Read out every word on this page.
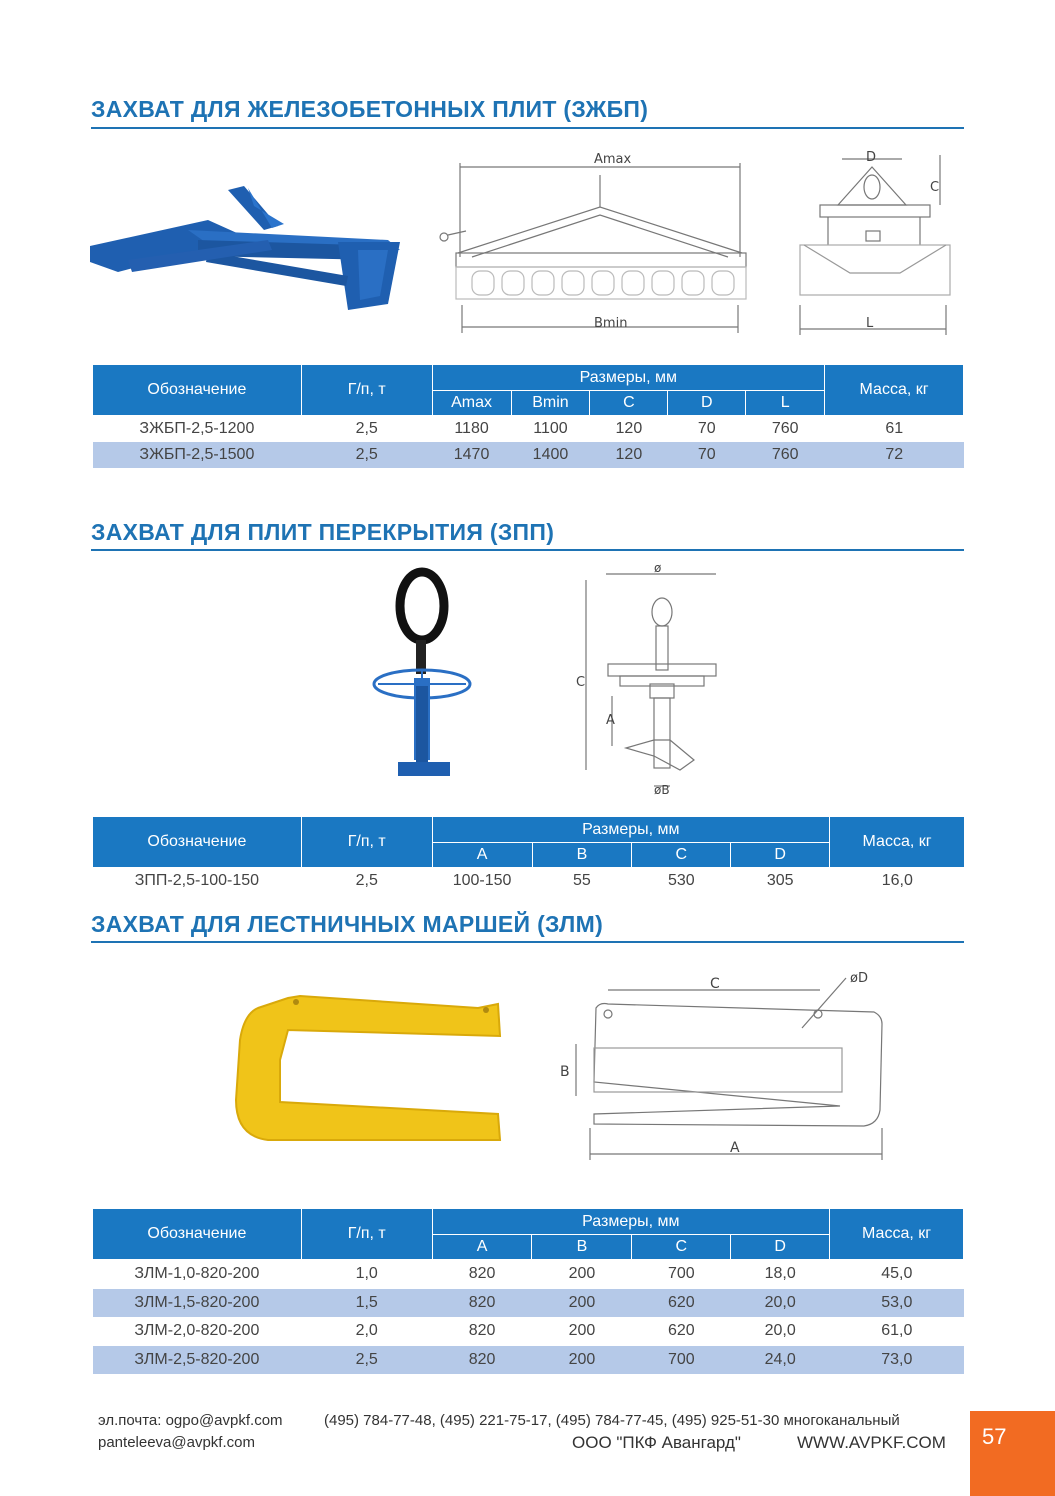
ЗАХВАТ ДЛЯ ЖЕЛЕЗОБЕТОННЫХ ПЛИТ (ЗЖБП)
Amax
Bmin
D
C
L
Обозначение	Г/п, т	Размеры, мм					Масса, кг
		Amax	Bmin	C	D	L	
ЗЖБП-2,5-1200	2,5	1180	1100	120	70	760	61
ЗЖБП-2,5-1500	2,5	1470	1400	120	70	760	72
ЗАХВАТ ДЛЯ ПЛИТ ПЕРЕКРЫТИЯ (ЗПП)
ø
C
A
øB
Обозначение	Г/п, т	Размеры, мм				Масса, кг
		A	B	C	D	
ЗПП-2,5-100-150	2,5	100-150	55	530	305	16,0
ЗАХВАТ ДЛЯ ЛЕСТНИЧНЫХ МАРШЕЙ (ЗЛМ)
C	øD
B
A
Обозначение	Г/п, т	Размеры, мм				Масса, кг
		A	B	C	D	
ЗЛМ-1,0-820-200	1,0	820	200	700	18,0	45,0
ЗЛМ-1,5-820-200	1,5	820	200	620	20,0	53,0
ЗЛМ-2,0-820-200	2,0	820	200	620	20,0	61,0
ЗЛМ-2,5-820-200	2,5	820	200	700	24,0	73,0
эл.почта: ogpo@avpkf.com
panteleeva@avpkf.com
(495) 784-77-48, (495) 221-75-17, (495) 784-77-45, (495) 925-51-30 многоканальный
ООО "ПКФ Авангард"	WWW.AVPKF.COM 57
